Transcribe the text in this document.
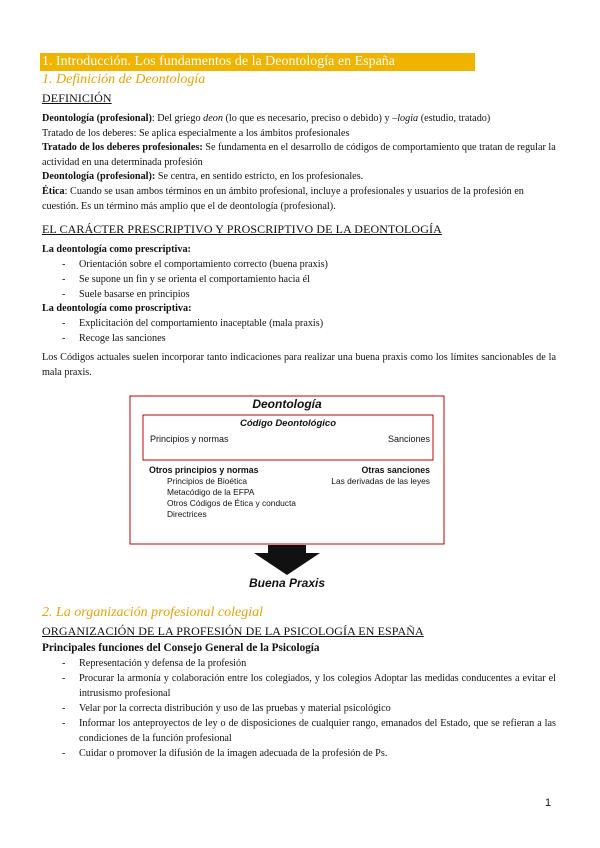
1. Introducción. Los fundamentos de la Deontología en España
1. Definición de Deontología
DEFINICIÓN
Deontología (profesional): Del griego deon (lo que es necesario, preciso o debido) y –logia (estudio, tratado)
Tratado de los deberes: Se aplica especialmente a los ámbitos profesionales
Tratado de los deberes profesionales: Se fundamenta en el desarrollo de códigos de comportamiento que tratan de regular la actividad en una determinada profesión
Deontología (profesional): Se centra, en sentido estricto, en los profesionales.
Ética: Cuando se usan ambos términos en un ámbito profesional, incluye a profesionales y usuarios de la profesión en cuestión. Es un término más amplio que el de deontología (profesional).
EL CARÁCTER PRESCRIPTIVO Y PROSCRIPTIVO DE LA DEONTOLOGÍA
La deontología como prescriptiva:
- Orientación sobre el comportamiento correcto (buena praxis)
- Se supone un fin y se orienta el comportamiento hacia él
- Suele basarse en principios
La deontología como proscriptiva:
- Explicitación del comportamiento inaceptable (mala praxis)
- Recoge las sanciones
Los Códigos actuales suelen incorporar tanto indicaciones para realizar una buena praxis como los límites sancionables de la mala praxis.
Deontología
Código Deontológico
Principios y normas	Sanciones
Otros principios y normas
Principios de Bioética
Metacódigo de la EFPA
Otros Códigos de Ética y conducta
Directrices
Otras sanciones
Las derivadas de las leyes
Buena Praxis
2. La organización profesional colegial
ORGANIZACIÓN DE LA PROFESIÓN DE LA PSICOLOGÍA EN ESPAÑA
Principales funciones del Consejo General de la Psicología
- Representación y defensa de la profesión
- Procurar la armonía y colaboración entre los colegiados, y los colegios Adoptar las medidas conducentes a evitar el intrusismo profesional
- Velar por la correcta distribución y uso de las pruebas y material psicológico
- Informar los anteproyectos de ley o de disposiciones de cualquier rango, emanados del Estado, que se refieran a las condiciones de la función profesional
- Cuidar o promover la difusión de la imagen adecuada de la profesión de Ps.
1
